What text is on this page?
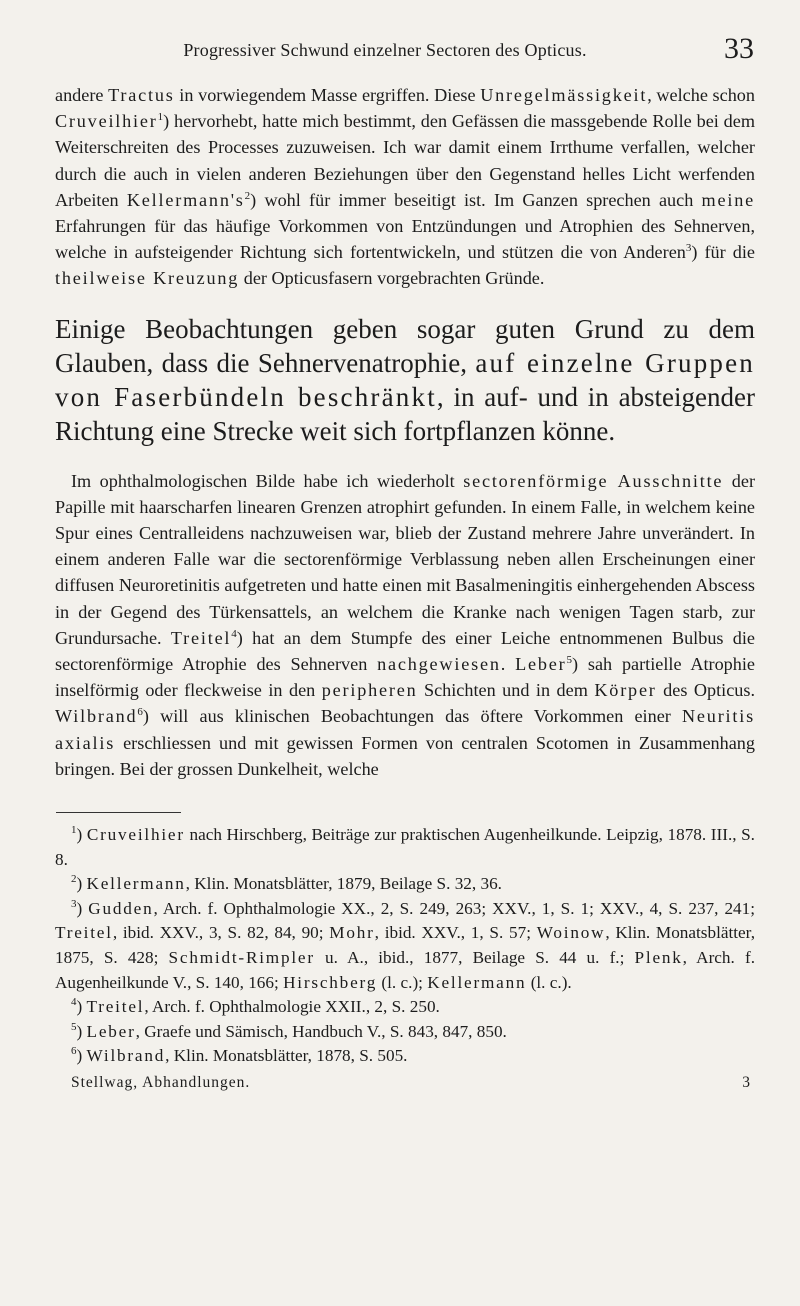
Progressiver Schwund einzelner Sectoren des Opticus.	33

andere Tractus in vorwiegendem Masse ergriffen. Diese Unregelmässigkeit, welche schon Cruveilhier$^1$) hervorhebt, hatte mich bestimmt, den Gefässen die massgebende Rolle bei dem Weiterschreiten des Processes zuzuweisen. Ich war damit einem Irrthume verfallen, welcher durch die auch in vielen anderen Beziehungen über den Gegenstand helles Licht werfenden Arbeiten $Kellermann's^2$) wohl für immer beseitigt ist. Im Ganzen sprechen auch meine Erfahrungen für das häufige Vorkommen von Entzündungen und Atrophien des Sehnerven, welche in aufsteigender Richtung sich fortentwickeln, und stützen die von Anderen$^3$) für die theilweise Kreuzung der Opticusfasern vorgebrachten Gründe.

Einige Beobachtungen geben sogar guten Grund zu dem Glauben, dass die Sehnervenatrophie, auf einzelne Gruppen von Faserbündeln beschränkt, in auf- und in absteigender Richtung eine Strecke weit sich fortpflanzen könne.

Im ophthalmologischen Bilde habe ich wiederholt sectorenförmige Ausschnitte der Papille mit haarscharfen linearen Grenzen atrophirt gefunden. In einem Falle, in welchem keine Spur eines Centralleidens nachzuweisen war, blieb der Zustand mehrere Jahre unverändert. In einem anderen Falle war die sectorenförmige Verblassung neben allen Erscheinungen einer diffusen Neuroretinitis aufgetreten und hatte einen mit Basalmeningitis einhergehenden Abscess in der Gegend des Türkensattels, an welchem die Kranke nach wenigen Tagen starb, zur Grundursache. Treitel$^4$) hat an dem Stumpfe des einer Leiche entnommenen Bulbus die sectorenförmige Atrophie des Sehnerven nachgewiesen. Leber$^5$) sah partielle Atrophie inselförmig oder fleckweise in den peripheren Schichten und in dem Körper des Opticus. Wilbrand$^6$) will aus klinischen Beobachtungen das öftere Vorkommen einer Neuritis axialis erschliessen und mit gewissen Formen von centralen Scotomen in Zusammenhang bringen. Bei der grossen Dunkelheit, welche

$^1$) Cruveilhier nach Hirschberg, Beiträge zur praktischen Augenheilkunde. Leipzig, 1878. III., S. 8.

$^2$) Kellermann, Klin. Monatsblätter, 1879, Beilage S. 32, 36.

$^3$) Gudden, Arch. f. Ophthalmologie XX., 2, S. 249, 263; XXV., 1, S. 1; XXV., 4, S. 237, 241; Treitel, ibid. XXV., 3, S. 82, 84, 90; Mohr, ibid. XXV., 1, S. 57; Woinow, Klin. Monatsblätter, 1875, S. 428; Schmidt-Rimpler u. A., ibid., 1877, Beilage S. 44 u. f.; Plenk, Arch. f. Augenheilkunde V., S. 140, 166; Hirschberg (l. c.); Kellermann (l. c.).

$^4$) Treitel, Arch. f. Ophthalmologie XXII., 2, S. 250.

$^5$) Leber, Graefe und Sämisch, Handbuch V., S. 843, 847, 850.

$^6$) Wilbrand, Klin. Monatsblätter, 1878, S. 505.

Stellwag, Abhandlungen.	3
